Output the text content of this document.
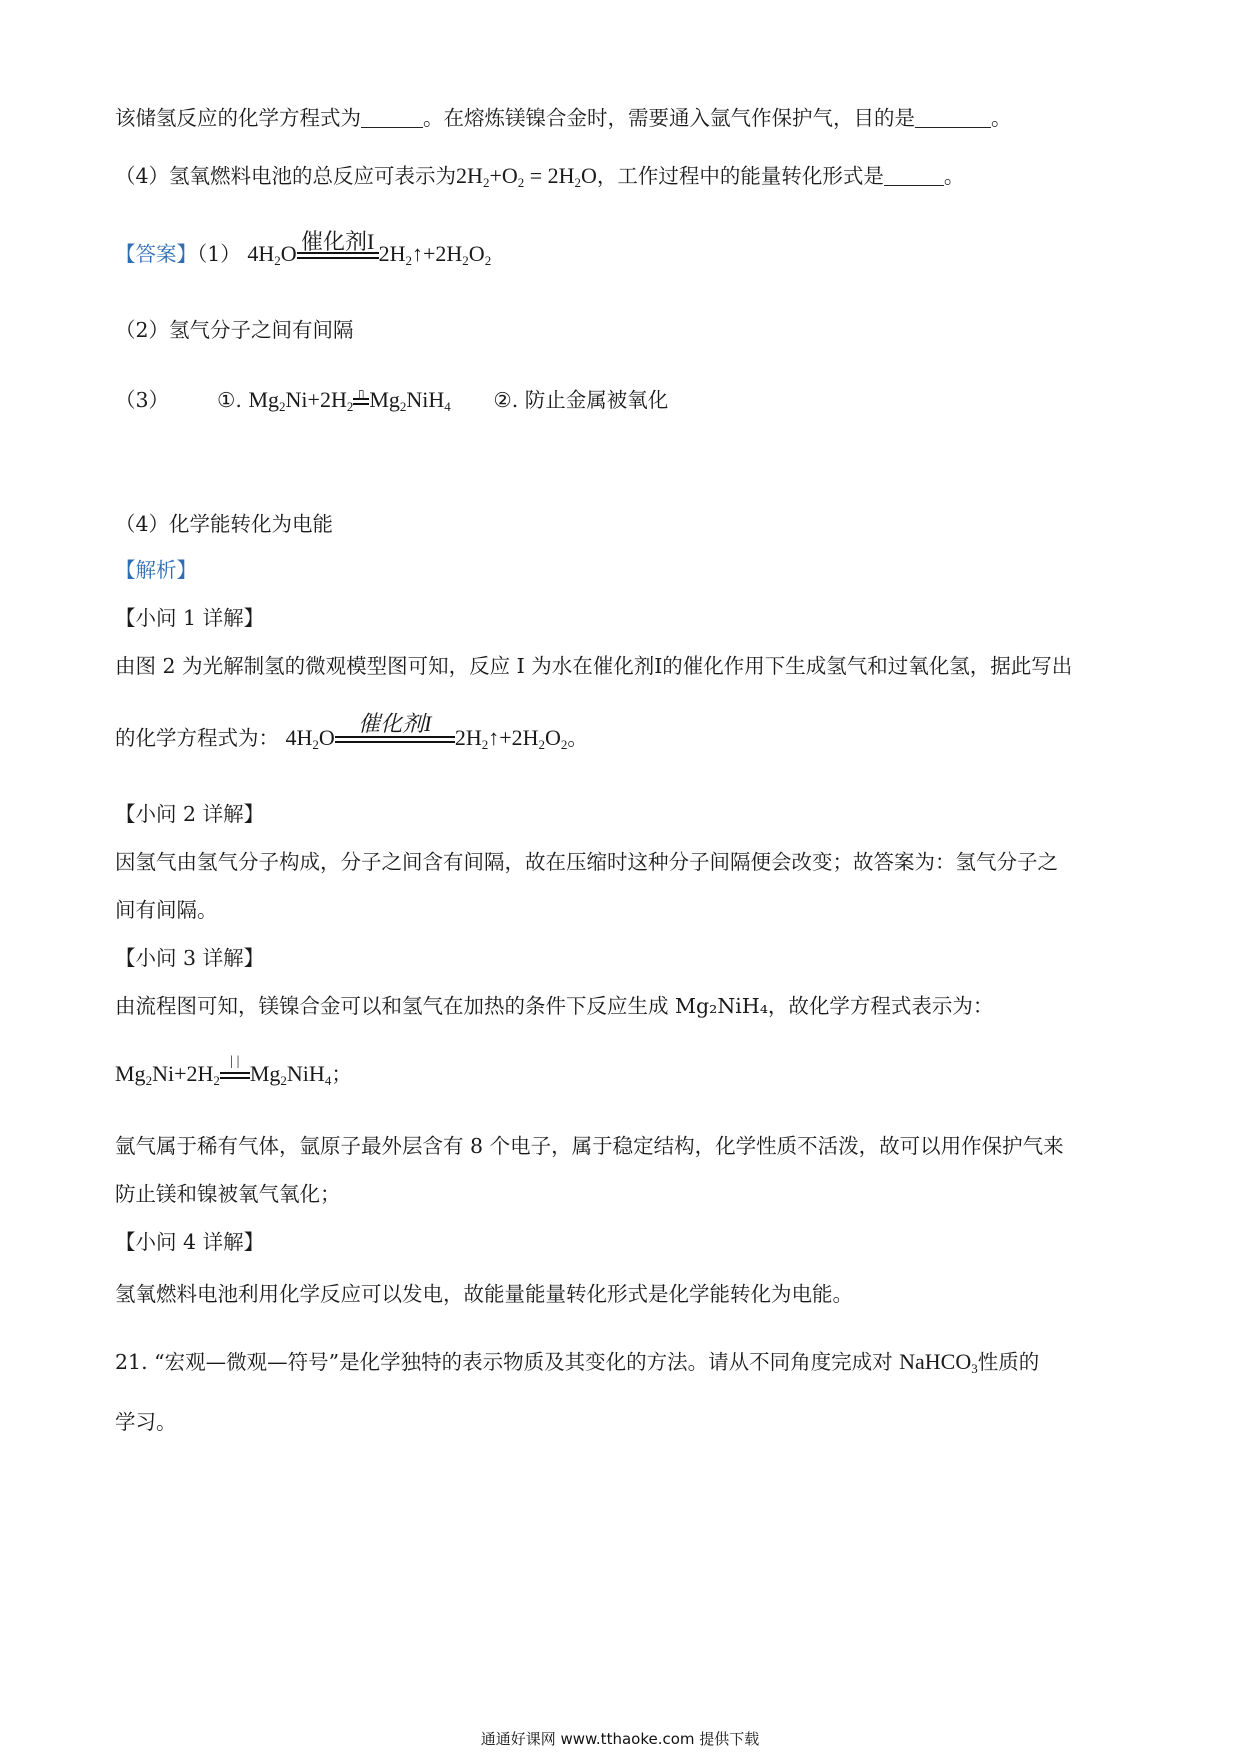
该储氢反应的化学方程式为	。在熔炼镁镍合金时，需要通入氩气作保护气，目的是	。
（4）氢氧燃料电池的总反应可表示为$2H_2+O_2 = 2H_2O$，工作过程中的能量转化形式是	。
【答案】（1） $4H_2O$ 催化剂I $2H_2↑+2H_2O_2$
（2）氢气分子之间有间隔
（3） ①. $Mg_2Ni+2H_2$
▯ $Mg_2NiH_4$ ②. 防止金属被氧化
（4）化学能转化为电能
【解析】
【小问 1 详解】
由图 2 为光解制氢的微观模型图可知，反应 I 为水在催化剂I的催化作用下生成氢气和过氧化氢，据此写出
的化学方程式为： $4H_2O$
催化剂I
$2H_2↑+2H_2O_2$。
【小问 2 详解】
因氢气由氢气分子构成，分子之间含有间隔，故在压缩时这种分子间隔便会改变；故答案为：氢气分子之
间有间隔。
【小问 3 详解】
由流程图可知，镁镍合金可以和氢气在加热的条件下反应生成 Mg₂NiH₄，故化学方程式表示为：
$Mg_2Ni+2H_2$
| | $Mg_2NiH_4$；
氩气属于稀有气体，氩原子最外层含有 8 个电子，属于稳定结构，化学性质不活泼，故可以用作保护气来
防止镁和镍被氧气氧化；
【小问 4 详解】
氢氧燃料电池利用化学反应可以发电，故能量能量转化形式是化学能转化为电能。
21. “宏观—微观—符号”是化学独特的表示物质及其变化的方法。请从不同角度完成对 NaHCO$_3$性质的
学习。
通通好课网 www.tthaoke.com 提供下载
